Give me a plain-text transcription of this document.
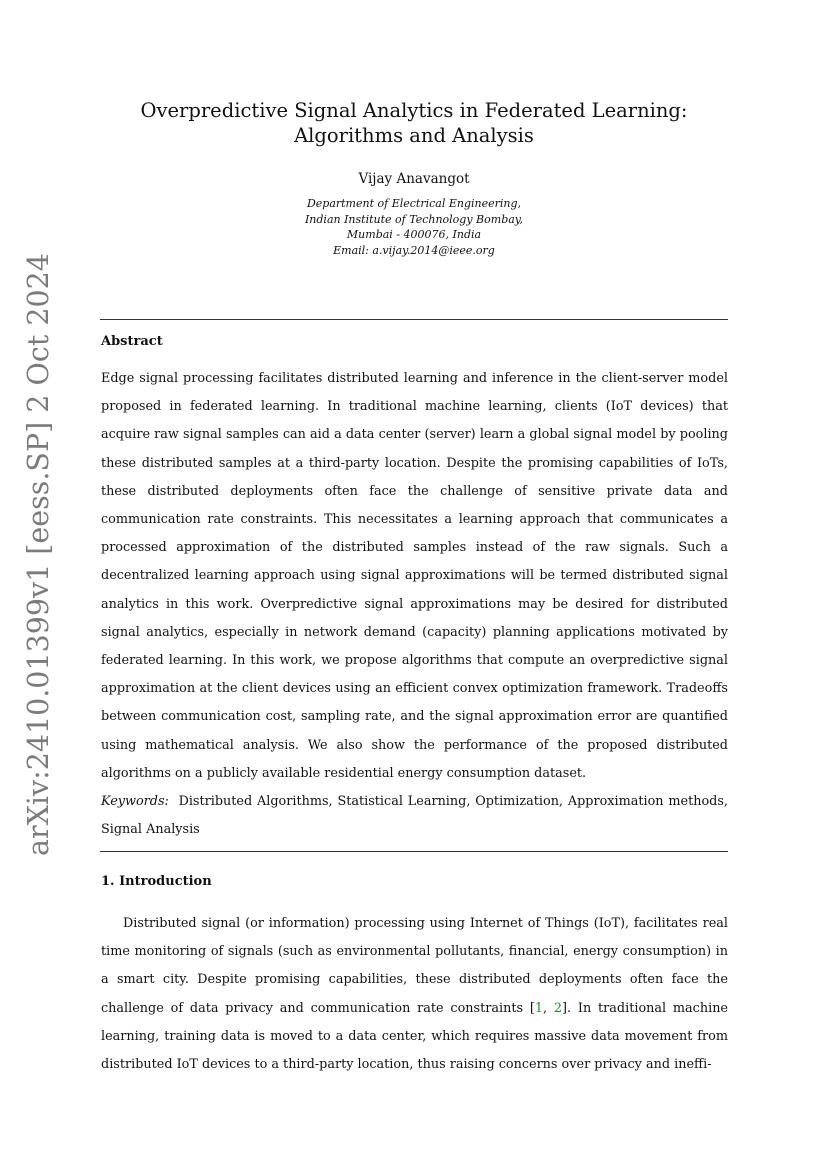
arXiv:2410.01399v1 [eess.SP] 2 Oct 2024
Overpredictive Signal Analytics in Federated Learning:
Algorithms and Analysis
Vijay Anavangot
Department of Electrical Engineering,
Indian Institute of Technology Bombay,
Mumbai - 400076, India
Email: a.vijay.2014@ieee.org
Abstract
Edge signal processing facilitates distributed learning and inference in the client-server model proposed in federated learning. In traditional machine learning, clients (IoT devices) that acquire raw signal samples can aid a data center (server) learn a global signal model by pooling these distributed samples at a third-party location. Despite the promising capabilities of IoTs, these distributed deployments often face the challenge of sensitive private data and communication rate constraints. This necessitates a learning approach that communicates a processed approximation of the distributed samples instead of the raw signals. Such a decentralized learning approach using signal approximations will be termed distributed signal analytics in this work. Overpredictive signal approximations may be desired for distributed signal analytics, especially in network demand (capacity) planning applications motivated by federated learning. In this work, we propose algorithms that compute an overpredictive signal approximation at the client devices using an efficient convex optimization framework. Tradeoffs between communication cost, sampling rate, and the signal approximation error are quantified using mathematical analysis. We also show the performance of the proposed distributed algorithms on a publicly available residential energy consumption dataset.
Keywords: Distributed Algorithms, Statistical Learning, Optimization, Approximation methods, Signal Analysis
1. Introduction
Distributed signal (or information) processing using Internet of Things (IoT), facilitates real time monitoring of signals (such as environmental pollutants, financial, energy consumption) in a smart city. Despite promising capabilities, these distributed deployments often face the challenge of data privacy and communication rate constraints [1, 2]. In traditional machine learning, training data is moved to a data center, which requires massive data movement from distributed IoT devices to a third-party location, thus raising concerns over privacy and ineffi-
